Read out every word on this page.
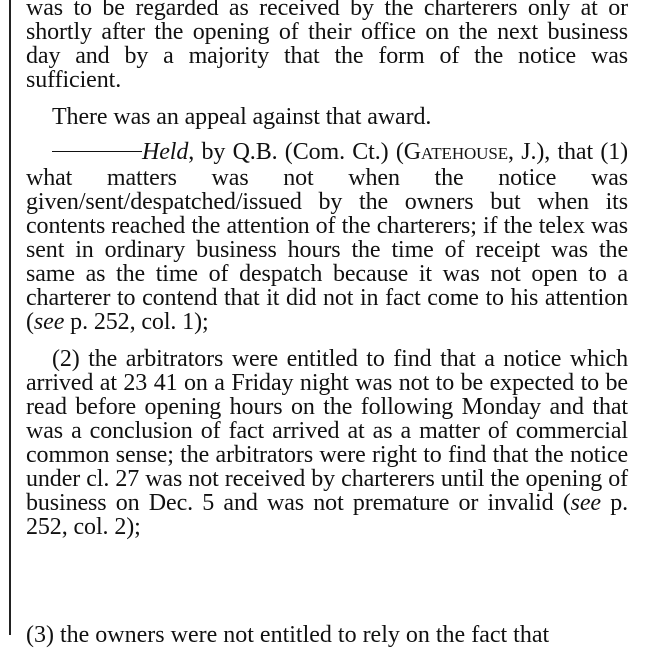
was to be regarded as received by the charterers only at or shortly after the opening of their office on the next business day and by a majority that the form of the notice was sufficient.

There was an appeal against that award.

Held, by Q.B. (Com. Ct.) (GATEHOUSE, J.), that (1) what matters was not when the notice was given/sent/despatched/issued by the owners but when its contents reached the attention of the charterers; if the telex was sent in ordinary business hours the time of receipt was the same as the time of despatch because it was not open to a charterer to contend that it did not in fact come to his attention (see p. 252, col. 1);

(2) the arbitrators were entitled to find that a notice which arrived at 23 41 on a Friday night was not to be expected to be read before opening hours on the following Monday and that was a conclusion of fact arrived at as a matter of commercial common sense; the arbitrators were right to find that the notice under cl. 27 was not received by charterers until the opening of business on Dec. 5 and was not premature or invalid (see p. 252, col. 2);

(3) the owners were not entitled to rely on the fact that
